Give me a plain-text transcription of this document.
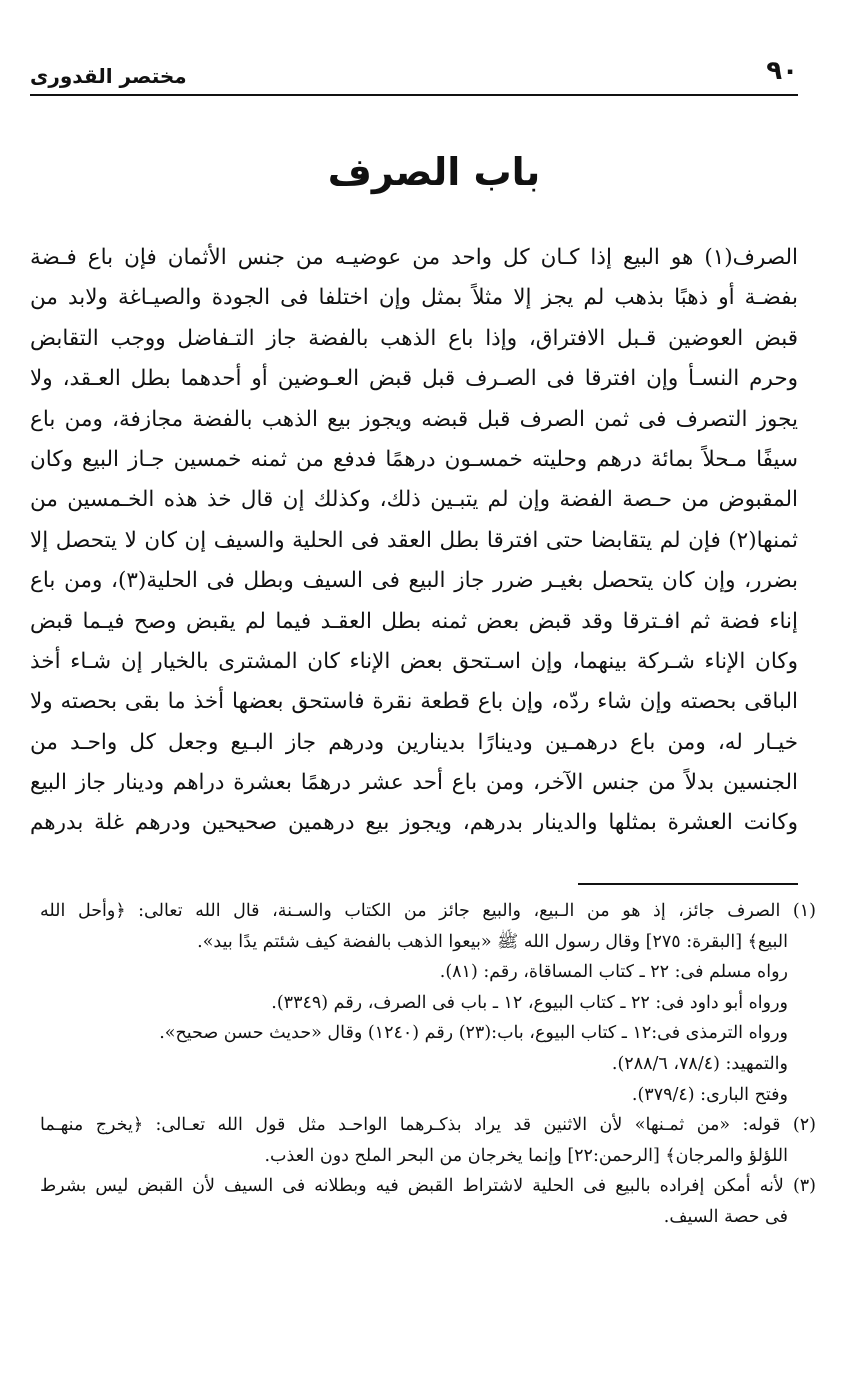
٩٠
مختصر القدورى
باب الصرف
الصرف(١) هو البيع إذا كـان كل واحد من عوضيـه من جنس الأثمان فإن باع فـضة
بفضـة أو ذهبًا بذهب لم يجز إلا مثلاً بمثل وإن اختلفا فى الجودة والصيـاغة ولابد من
قبض العوضين قـبل الافتراق، وإذا باع الذهب بالفضة جاز التـفاضل ووجب التقابض
وحرم النسـأ وإن افترقا فى الصـرف قبل قبض العـوضين أو أحدهما بطل العـقد، ولا
يجوز التصرف فى ثمن الصرف قبل قبضه ويجوز بيع الذهب بالفضة مجازفة، ومن باع
سيفًا مـحلاً بمائة درهم وحليته خمسـون درهمًا فدفع من ثمنه خمسين جـاز البيع وكان
المقبوض من حـصة الفضة وإن لم يتبـين ذلك، وكذلك إن قال خذ هذه الخـمسين من
ثمنها(٢) فإن لم يتقابضا حتى افترقا بطل العقد فى الحلية والسيف إن كان لا يتحصل إلا
بضرر، وإن كان يتحصل بغيـر ضرر جاز البيع فى السيف وبطل فى الحلية(٣)، ومن باع
إناء فضة ثم افـترقا وقد قبض بعض ثمنه بطل العقـد فيما لم يقبض وصح فيـما قبض
وكان الإناء شـركة بينهما، وإن اسـتحق بعض الإناء كان المشترى بالخيار إن شـاء أخذ
الباقى بحصته وإن شاء ردّه، وإن باع قطعة نقرة فاستحق بعضها أخذ ما بقى بحصته ولا
خيـار له، ومن باع درهمـين ودينارًا بدينارين ودرهم جاز البـيع وجعل كل واحـد من
الجنسين بدلاً من جنس الآخر، ومن باع أحد عشر درهمًا بعشرة دراهم ودينار جاز البيع
وكانت العشرة بمثلها والدينار بدرهم، ويجوز بيع درهمين صحيحين ودرهم غلة بدرهم
(١) الصرف جائز، إذ هو من الـبيع، والبيع جائز من الكتاب والسـنة، قال الله تعالى: ﴿وأحل الله
البيع﴾ [البقرة: ٢٧٥] وقال رسول الله ﷺ «بيعوا الذهب بالفضة كيف شئتم يدًا بيد».
رواه مسلم فى: ٢٢ ـ كتاب المساقاة، رقم: (٨١).
ورواه أبو داود فى: ٢٢ ـ كتاب البيوع، ١٢ ـ باب فى الصرف، رقم (٣٣٤٩).
ورواه الترمذى فى:١٢ ـ كتاب البيوع، باب:(٢٣) رقم (١٢٤٠) وقال «حديث حسن صحيح».
والتمهيد: (٧٨/٤، ٢٨٨/٦).
وفتح البارى: (٣٧٩/٤).
(٢) قوله: «من ثمـنها» لأن الاثنين قد يراد بذكـرهما الواحـد مثل قول الله تعـالى: ﴿يخرج منهـما
اللؤلؤ والمرجان﴾ [الرحمن:٢٢] وإنما يخرجان من البحر الملح دون العذب.
(٣) لأنه أمكن إفراده بالبيع فى الحلية لاشتراط القبض فيه وبطلانه فى السيف لأن القبض ليس بشرط
فى حصة السيف.
